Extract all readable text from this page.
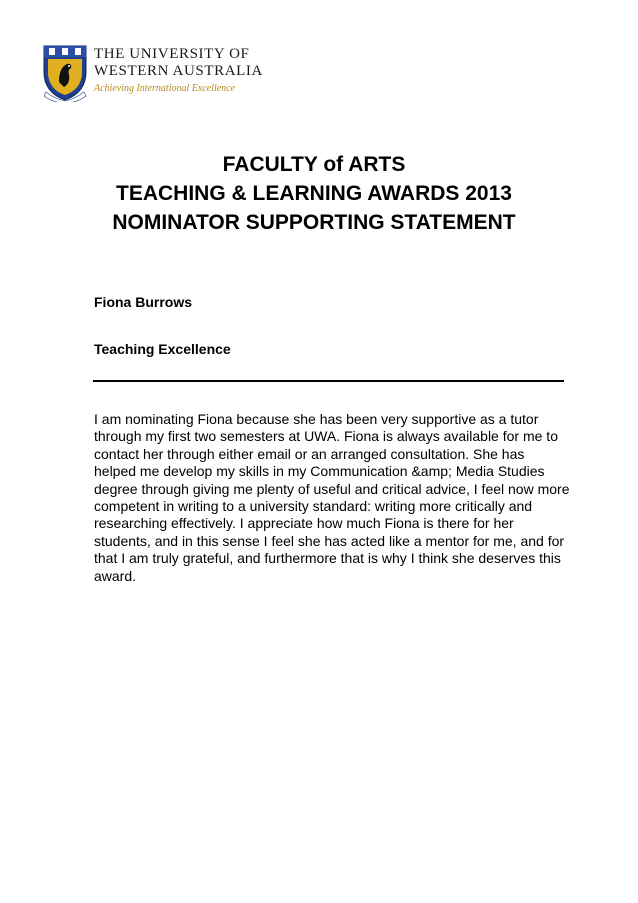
THE UNIVERSITY OF
WESTERN AUSTRALIA
Achieving International Excellence
FACULTY of ARTS
TEACHING & LEARNING AWARDS 2013
NOMINATOR SUPPORTING STATEMENT
Fiona Burrows
Teaching Excellence
I am nominating Fiona because she has been very supportive as a tutor through my first two semesters at UWA. Fiona is always available for me to contact her through either email or an arranged consultation. She has helped me develop my skills in my Communication &amp; Media Studies degree through giving me plenty of useful and critical advice, I feel now more competent in writing to a university standard: writing more critically and researching effectively. I appreciate how much Fiona is there for her students, and in this sense I feel she has acted like a mentor for me, and for that I am truly grateful, and furthermore that is why I think she deserves this award.
